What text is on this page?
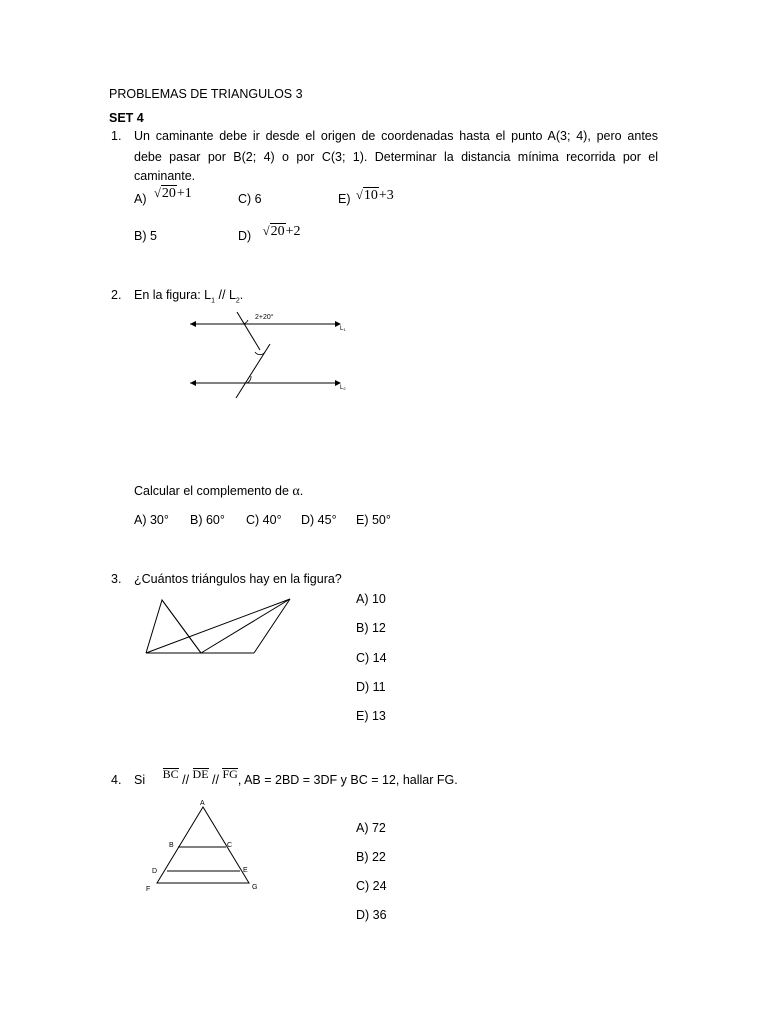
PROBLEMAS DE TRIANGULOS 3
SET 4
1. Un caminante debe ir desde el origen de coordenadas hasta el punto A(3; 4), pero antes
debe pasar por B(2; 4) o por C(3; 1). Determinar la distancia mínima recorrida por el
caminante.
A) √20+1	C) 6	E) √10+3
B) 5	D) √20+2
2. En la figura: $L_1 // L_2$.
2+20°
L1
L2
Calcular el complemento de α.
A) 30° B) 60° C) 40° D) 45° E) 50°
3. ¿Cuántos triángulos hay en la figura?
A) 10
B) 12
C) 14
D) 11
E) 13
4. Si BC // DE // FG, AB = 2BD = 3DF y BC = 12, hallar FG.
A
B	C
D	E
F	G
A) 72
B) 22
C) 24
D) 36
